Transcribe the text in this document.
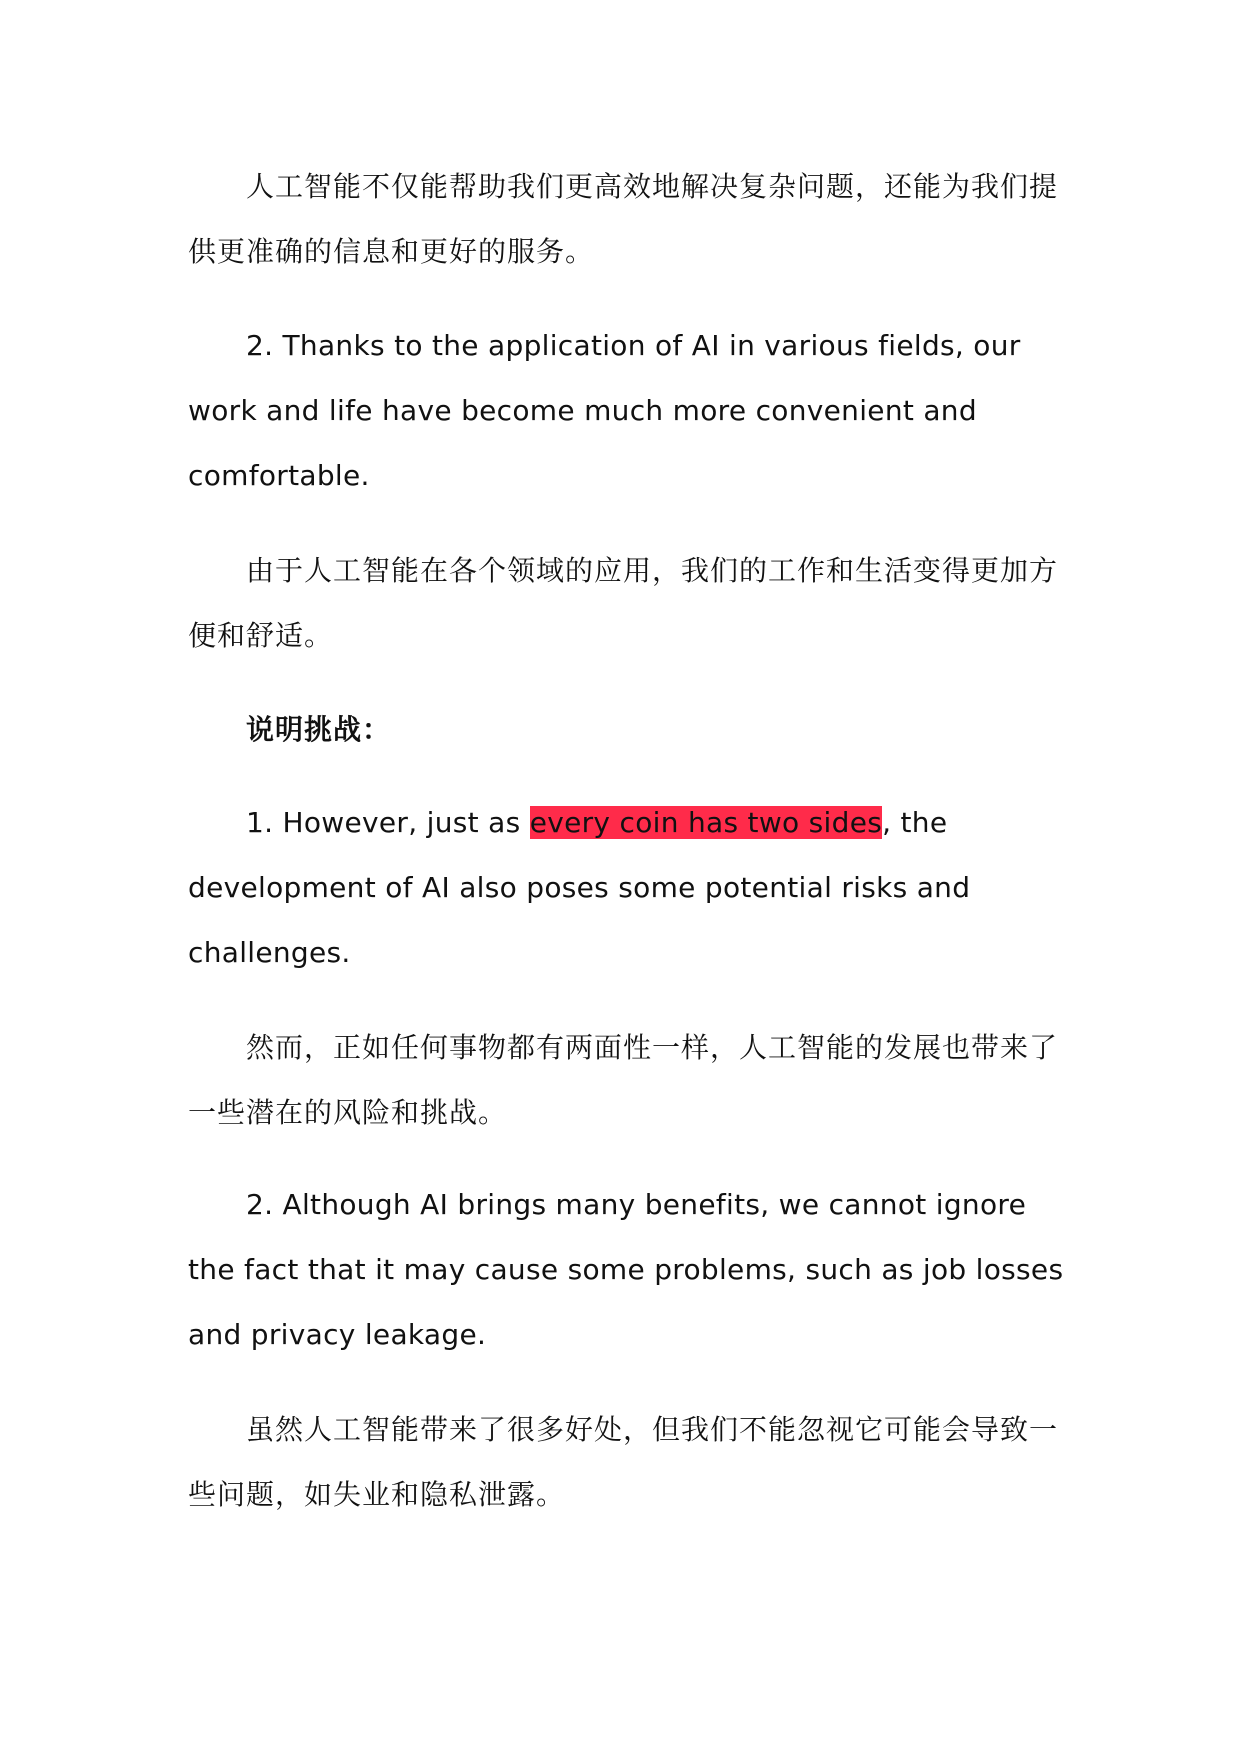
人工智能不仅能帮助我们更高效地解决复杂问题，还能为我们提供更准确的信息和更好的服务。

2. Thanks to the application of AI in various fields, our work and life have become much more convenient and comfortable.

由于人工智能在各个领域的应用，我们的工作和生活变得更加方便和舒适。

说明挑战：

1. However, just as every coin has two sides, the development of AI also poses some potential risks and challenges.

然而，正如任何事物都有两面性一样，人工智能的发展也带来了一些潜在的风险和挑战。

2. Although AI brings many benefits, we cannot ignore the fact that it may cause some problems, such as job losses and privacy leakage.

虽然人工智能带来了很多好处，但我们不能忽视它可能会导致一些问题，如失业和隐私泄露。
